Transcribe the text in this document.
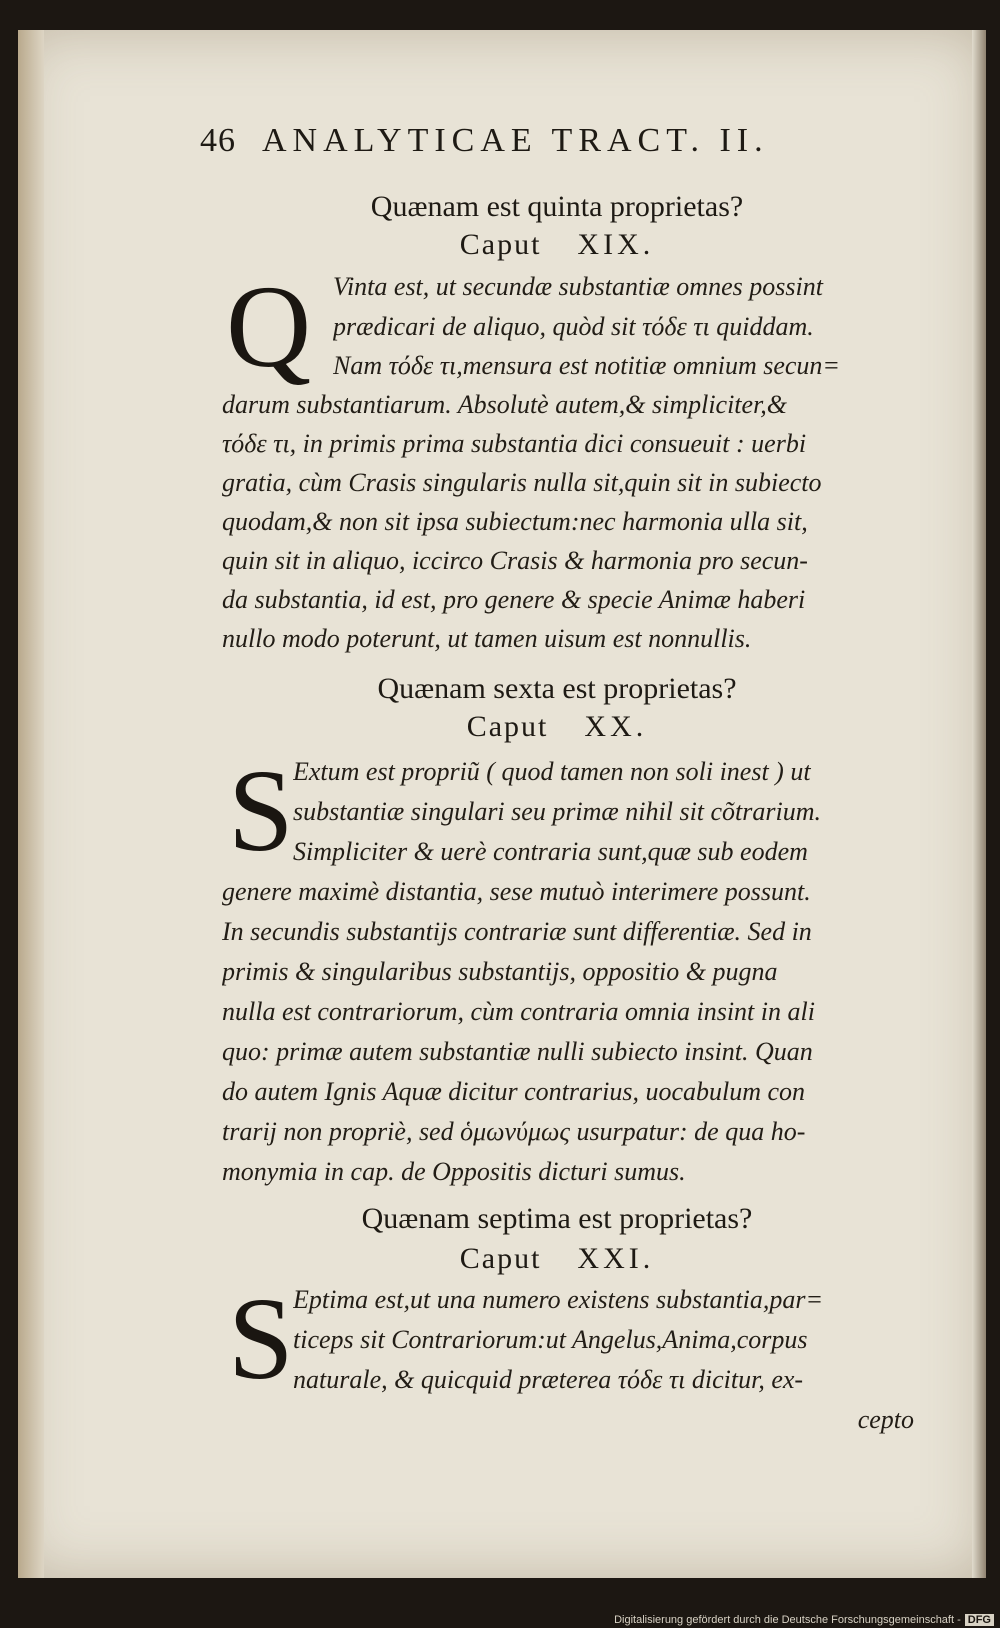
46 ANALYTICAE TRACT. II.
Quænam est quinta proprietas?
Caput XIX.
Q Vinta est, ut secundæ substantiæ omnes possint
prædicari de aliquo, quòd sit τόδε τι quiddam.
Nam τόδε τι,mensura est notitiæ omnium secun=
darum substantiarum. Absolutè autem,& simpliciter,&
τόδε τι, in primis prima substantia dici consueuit : uerbi
gratia, cùm Crasis singularis nulla sit,quin sit in subiecto
quodam,& non sit ipsa subiectum:nec harmonia ulla sit,
quin sit in aliquo, iccirco Crasis & harmonia pro secun-
da substantia, id est, pro genere & specie Animæ haberi
nullo modo poterunt, ut tamen uisum est nonnullis.
Quænam sexta est proprietas?
Caput XX.
S Extum est propriũ ( quod tamen non soli inest ) ut
substantiæ singulari seu primæ nihil sit cõtrarium.
Simpliciter & uerè contraria sunt,quæ sub eodem
genere maximè distantia, sese mutuò interimere possunt.
In secundis substantijs contrariæ sunt differentiæ. Sed in
primis & singularibus substantijs, oppositio & pugna
nulla est contrariorum, cùm contraria omnia insint in ali
quo: primæ autem substantiæ nulli subiecto insint. Quan
do autem Ignis Aquæ dicitur contrarius, uocabulum con
trarij non propriè, sed ὁμωνύμως usurpatur: de qua ho-
monymia in cap. de Oppositis dicturi sumus.
Quænam septima est proprietas?
Caput XXI.
S Eptima est,ut una numero existens substantia,par=
ticeps sit Contrariorum:ut Angelus,Anima,corpus
naturale, & quicquid præterea τόδε τι dicitur, ex-
cepto
Digitalisierung gefördert durch die Deutsche Forschungsgemeinschaft - DFG
